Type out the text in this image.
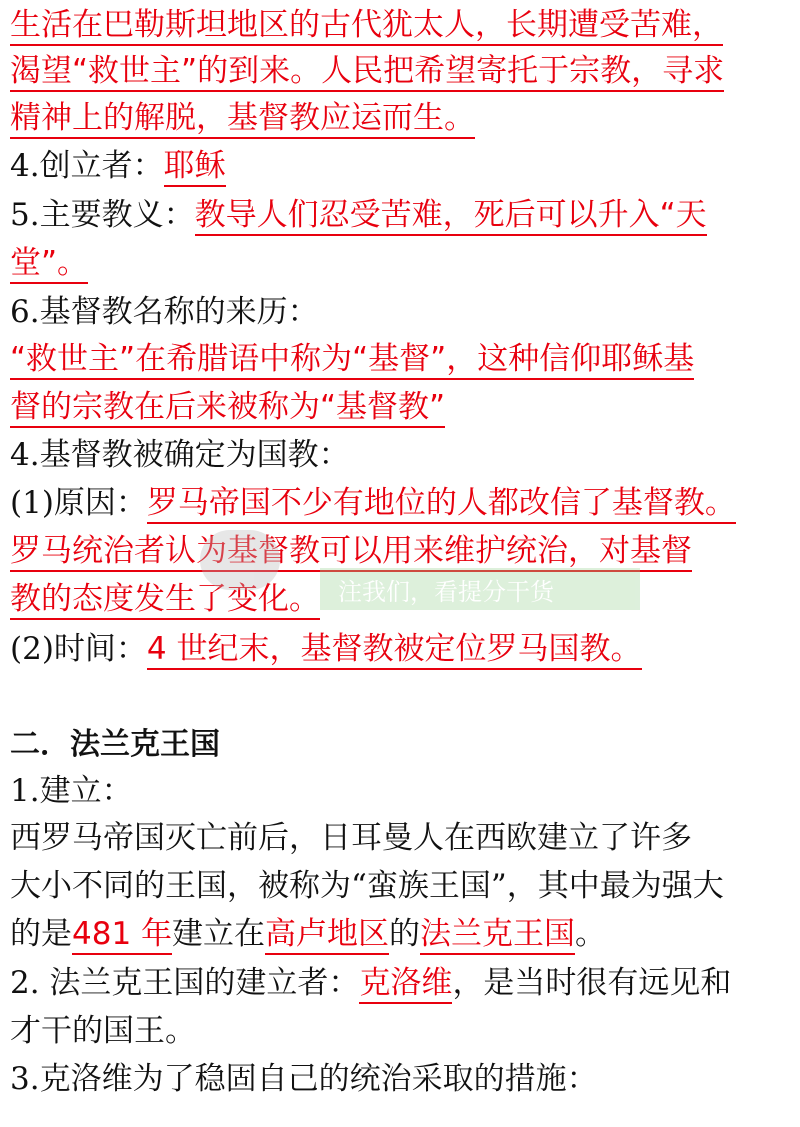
生活在巴勒斯坦地区的古代犹太人，长期遭受苦难，
渴望“救世主”的到来。人民把希望寄托于宗教，寻求
精神上的解脱，基督教应运而生。
4.创立者：耶稣
5.主要教义：教导人们忍受苦难，死后可以升入“天
堂”。
6.基督教名称的来历：
“救世主”在希腊语中称为“基督”，这种信仰耶稣基
督的宗教在后来被称为“基督教”
4.基督教被确定为国教：
(1)原因：罗马帝国不少有地位的人都改信了基督教。
罗马统治者认为基督教可以用来维护统治，对基督
教的态度发生了变化。
(2)时间：4 世纪末，基督教被定位罗马国教。
二．法兰克王国
1.建立：
西罗马帝国灭亡前后，日耳曼人在西欧建立了许多
大小不同的王国，被称为“蛮族王国”，其中最为强大
的是481 年建立在高卢地区的法兰克王国。
2. 法兰克王国的建立者：克洛维，是当时很有远见和
才干的国王。
3.克洛维为了稳固自己的统治采取的措施：
注我们，看提分干货
